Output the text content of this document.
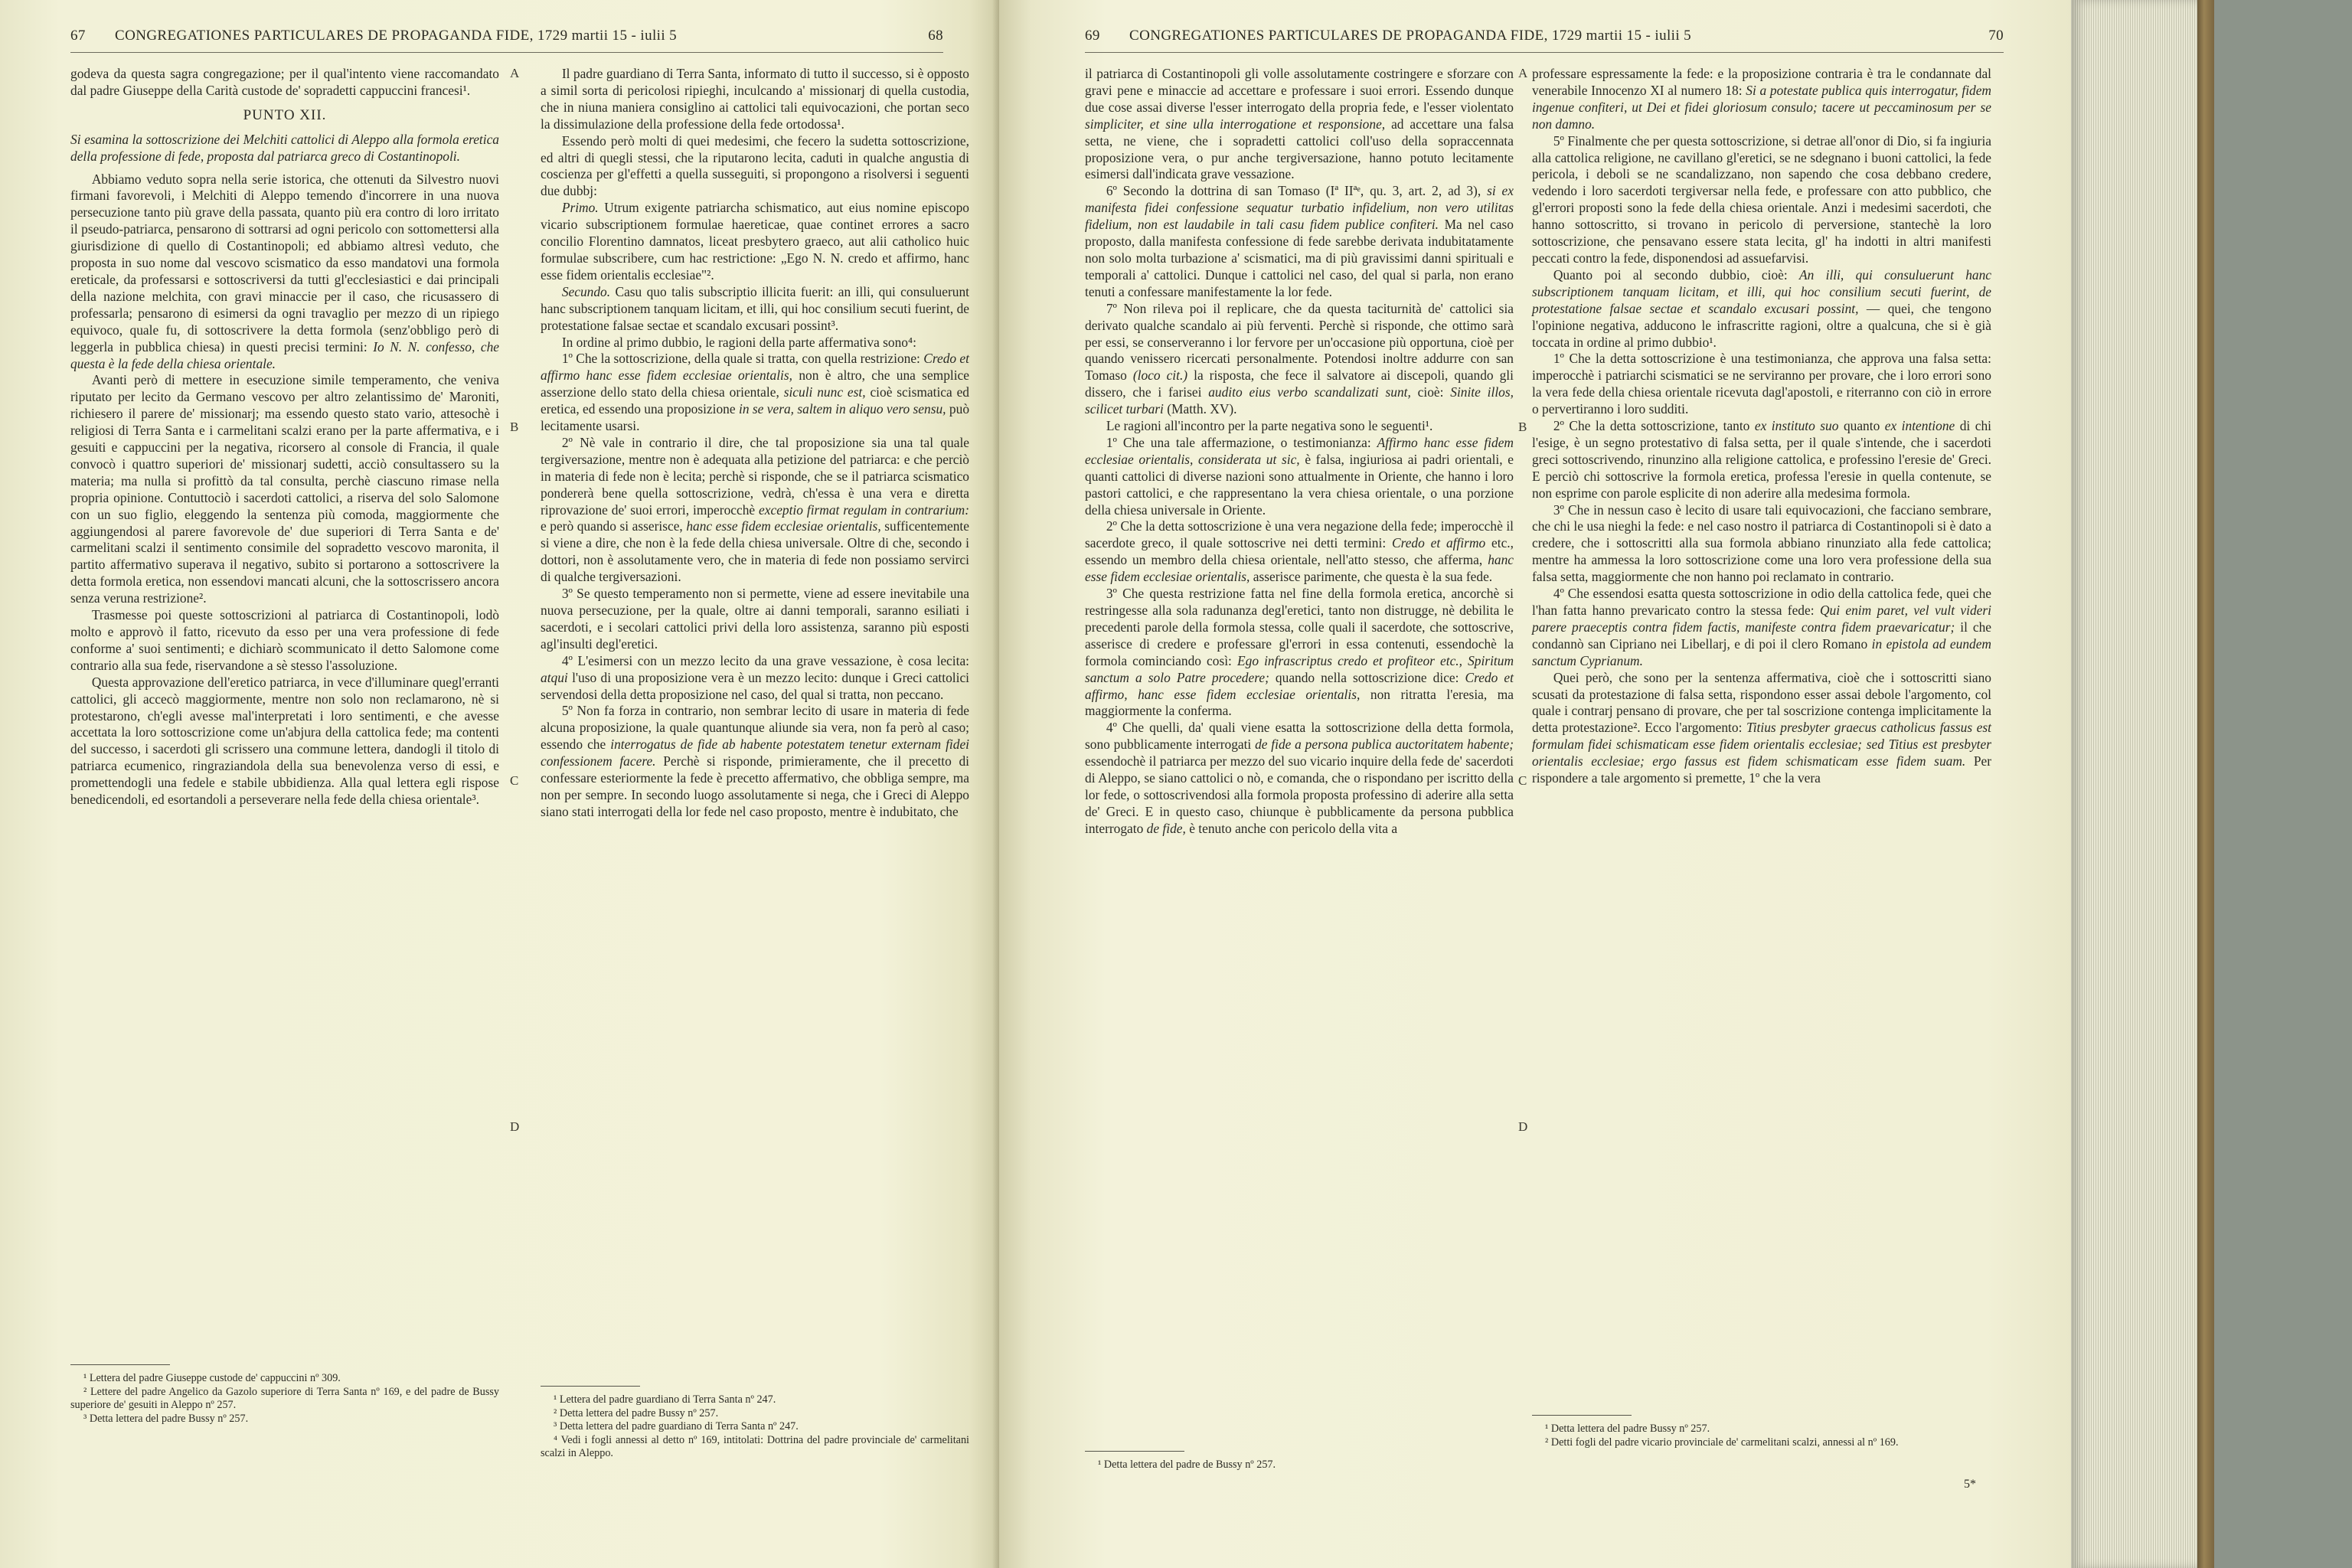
67 CONGREGATIONES PARTICULARES DE PROPAGANDA FIDE, 1729 martii 15 - iulii 5	68

godeva da questa sagra congregazione; per il qual'intento viene raccomandato dal padre Giuseppe della Carità custode de' sopradetti cappuccini francesi¹.

PUNTO XII.

Si esamina la sottoscrizione dei Melchiti cattolici di Aleppo alla formola eretica della professione di fede, proposta dal patriarca greco di Costantinopoli.

Abbiamo veduto sopra nella serie istorica, che ottenuti da Silvestro nuovi firmani favorevoli, i Melchiti di Aleppo temendo d'incorrere in una nuova persecuzione tanto più grave della passata, quanto più era contro di loro irritato il pseudo-patriarca, pensarono di sottrarsi ad ogni pericolo con sottomettersi alla giurisdizione di quello di Costantinopoli; ed abbiamo altresì veduto, che proposta in suo nome dal vescovo scismatico da esso mandatovi una formola ereticale, da professarsi e sottoscriversi da tutti gl'ecclesiastici e dai principali della nazione melchita, con gravi minaccie per il caso, che ricusassero di professarla; pensarono di esimersi da ogni travaglio per mezzo di un ripiego equivoco, quale fu, di sottoscrivere la detta formola (senz'obbligo però di leggerla in pubblica chiesa) in questi precisi termini: Io N. N. confesso, che questa è la fede della chiesa orientale.

Avanti però di mettere in esecuzione simile temperamento, che veniva riputato per lecito da Germano vescovo per altro zelantissimo de' Maroniti, richiesero il parere de' missionarj; ma essendo questo stato vario, attesochè i religiosi di Terra Santa e i carmelitani scalzi erano per la parte affermativa, e i gesuiti e cappuccini per la negativa, ricorsero al console di Francia, il quale convocò i quattro superiori de' missionarj sudetti, acciò consultassero su la materia; ma nulla si profittò da tal consulta, perchè ciascuno rimase nella propria opinione. Contuttociò i sacerdoti cattolici, a riserva del solo Salomone con un suo figlio, eleggendo la sentenza più comoda, maggiormente che aggiungendosi al parere favorevole de' due superiori di Terra Santa e de' carmelitani scalzi il sentimento consimile del sopradetto vescovo maronita, il partito affermativo superava il negativo, subito si portarono a sottoscrivere la detta formola eretica, non essendovi mancati alcuni, che la sottoscrissero ancora senza veruna restrizione².

Trasmesse poi queste sottoscrizioni al patriarca di Costantinopoli, lodò molto e approvò il fatto, ricevuto da esso per una vera professione di fede conforme a' suoi sentimenti; e dichiarò scommunicato il detto Salomone come contrario alla sua fede, riservandone a sè stesso l'assoluzione.

Questa approvazione dell'eretico patriarca, in vece d'illuminare quegl'erranti cattolici, gli accecò maggiormente, mentre non solo non reclamarono, nè si protestarono, ch'egli avesse mal'interpretati i loro sentimenti, e che avesse accettata la loro sottoscrizione come un'abjura della cattolica fede; ma contenti del successo, i sacerdoti gli scrissero una commune lettera, dandogli il titolo di patriarca ecumenico, ringraziandola della sua benevolenza verso di essi, e promettendogli una fedele e stabile ubbidienza. Alla qual lettera egli rispose benedicendoli, ed esortandoli a perseverare nella fede della chiesa orientale³.

¹ Lettera del padre Giuseppe custode de' cappuccini nº 309.

² Lettere del padre Angelico da Gazolo superiore di Terra Santa nº 169, e del padre de Bussy superiore de' gesuiti in Aleppo nº 257.

³ Detta lettera del padre Bussy nº 257.

Il padre guardiano di Terra Santa, informato di tutto il successo, si è opposto a simil sorta di pericolosi ripieghi, inculcando a' missionarj di quella custodia, che in niuna maniera consiglino ai cattolici tali equivocazioni, che portan seco la dissimulazione della professione della fede ortodossa¹.

Essendo però molti di quei medesimi, che fecero la sudetta sottoscrizione, ed altri di quegli stessi, che la riputarono lecita, caduti in qualche angustia di coscienza per gl'effetti a quella susseguiti, si propongono a risolversi i seguenti due dubbj:

Primo. Utrum exigente patriarcha schismatico, aut eius nomine episcopo vicario subscriptionem formulae haereticae, quae continet errores a sacro concilio Florentino damnatos, liceat presbytero graeco, aut alii catholico huic formulae subscribere, cum hac restrictione: „Ego N. N. credo et affirmo, hanc esse fidem orientalis ecclesiae"².

Secundo. Casu quo talis subscriptio illicita fuerit: an illi, qui consuluerunt hanc subscriptionem tanquam licitam, et illi, qui hoc consilium secuti fuerint, de protestatione falsae sectae et scandalo excusari possint³.

In ordine al primo dubbio, le ragioni della parte affermativa sono⁴:

1º Che la sottoscrizione, della quale si tratta, con quella restrizione: Credo et affirmo hanc esse fidem ecclesiae orientalis, non è altro, che una semplice asserzione dello stato della chiesa orientale, siculi nunc est, cioè scismatica ed eretica, ed essendo una proposizione in se vera, saltem in aliquo vero sensu, può lecitamente usarsi.

2º Nè vale in contrario il dire, che tal proposizione sia una tal quale tergiversazione, mentre non è adequata alla petizione del patriarca: e che perciò in materia di fede non è lecita; perchè si risponde, che se il patriarca scismatico pondererà bene quella sottoscrizione, vedrà, ch'essa è una vera e diretta riprovazione de' suoi errori, imperocchè exceptio firmat regulam in contrarium: e però quando si asserisce, hanc esse fidem ecclesiae orientalis, sufficentemente si viene a dire, che non è la fede della chiesa universale. Oltre di che, secondo i dottori, non è assolutamente vero, che in materia di fede non possiamo servirci di qualche tergiversazioni.

3º Se questo temperamento non si permette, viene ad essere inevitabile una nuova persecuzione, per la quale, oltre ai danni temporali, saranno esiliati i sacerdoti, e i secolari cattolici privi della loro assistenza, saranno più esposti agl'insulti degl'eretici.

4º L'esimersi con un mezzo lecito da una grave vessazione, è cosa lecita: atqui l'uso di una proposizione vera è un mezzo lecito: dunque i Greci cattolici servendosi della detta proposizione nel caso, del qual si tratta, non peccano.

5º Non fa forza in contrario, non sembrar lecito di usare in materia di fede alcuna proposizione, la quale quantunque aliunde sia vera, non fa però al caso; essendo che interrogatus de fide ab habente potestatem tenetur externam fidei confessionem facere. Perchè si risponde, primieramente, che il precetto di confessare esteriormente la fede è precetto affermativo, che obbliga sempre, ma non per sempre. In secondo luogo assolutamente si nega, che i Greci di Aleppo siano stati interrogati della lor fede nel caso proposto, mentre è indubitato, che

¹ Lettera del padre guardiano di Terra Santa nº 247.

² Detta lettera del padre Bussy nº 257.

³ Detta lettera del padre guardiano di Terra Santa nº 247.

⁴ Vedi i fogli annessi al detto nº 169, intitolati: Dottrina del padre provinciale de' carmelitani scalzi in Aleppo.

A
B
C
D
69 CONGREGATIONES PARTICULARES DE PROPAGANDA FIDE, 1729 martii 15 - iulii 5	70

il patriarca di Costantinopoli gli volle assolutamente costringere e sforzare con gravi pene e minaccie ad accettare e professare i suoi errori. Essendo dunque due cose assai diverse l'esser interrogato della propria fede, e l'esser violentato simpliciter, et sine ulla interrogatione et responsione, ad accettare una falsa setta, ne viene, che i sopradetti cattolici coll'uso della sopraccennata proposizione vera, o pur anche tergiversazione, hanno potuto lecitamente esimersi dall'indicata grave vessazione.

6º Secondo la dottrina di san Tomaso (Iª IIªᵉ, qu. 3, art. 2, ad 3), si ex manifesta fidei confessione sequatur turbatio infidelium, non vero utilitas fidelium, non est laudabile in tali casu fidem publice confiteri. Ma nel caso proposto, dalla manifesta confessione di fede sarebbe derivata indubitatamente non solo molta turbazione a' scismatici, ma di più gravissimi danni spirituali e temporali a' cattolici. Dunque i cattolici nel caso, del qual si parla, non erano tenuti a confessare manifestamente la lor fede.

7º Non rileva poi il replicare, che da questa taciturnità de' cattolici sia derivato qualche scandalo ai più ferventi. Perchè si risponde, che ottimo sarà per essi, se conserveranno i lor fervore per un'occasione più opportuna, cioè per quando venissero ricercati personalmente. Potendosi inoltre addurre con san Tomaso (loco cit.) la risposta, che fece il salvatore ai discepoli, quando gli dissero, che i farisei audito eius verbo scandalizati sunt, cioè: Sinite illos, scilicet turbari (Matth. XV).

Le ragioni all'incontro per la parte negativa sono le seguenti¹.

1º Che una tale affermazione, o testimonianza: Affirmo hanc esse fidem ecclesiae orientalis, considerata ut sic, è falsa, ingiuriosa ai padri orientali, e quanti cattolici di diverse nazioni sono attualmente in Oriente, che hanno i loro pastori cattolici, e che rappresentano la vera chiesa orientale, o una porzione della chiesa universale in Oriente.

2º Che la detta sottoscrizione è una vera negazione della fede; imperocchè il sacerdote greco, il quale sottoscrive nei detti termini: Credo et affirmo etc., essendo un membro della chiesa orientale, nell'atto stesso, che afferma, hanc esse fidem ecclesiae orientalis, asserisce parimente, che questa è la sua fede.

3º Che questa restrizione fatta nel fine della formola eretica, ancorchè si restringesse alla sola radunanza degl'eretici, tanto non distrugge, nè debilita le precedenti parole della formola stessa, colle quali il sacerdote, che sottoscrive, asserisce di credere e professare gl'errori in essa contenuti, essendochè la formola cominciando così: Ego infrascriptus credo et profiteor etc., Spiritum sanctum a solo Patre procedere; quando nella sottoscrizione dice: Credo et affirmo, hanc esse fidem ecclesiae orientalis, non ritratta l'eresia, ma maggiormente la conferma.

4º Che quelli, da' quali viene esatta la sottoscrizione della detta formola, sono pubblicamente interrogati de fide a persona publica auctoritatem habente; essendochè il patriarca per mezzo del suo vicario inquire della fede de' sacerdoti di Aleppo, se siano cattolici o nò, e comanda, che o rispondano per iscritto della lor fede, o sottoscrivendosi alla formola proposta professino di aderire alla setta de' Greci. E in questo caso, chiunque è pubblicamente da persona pubblica interrogato de fide, è tenuto anche con pericolo della vita a

¹ Detta lettera del padre de Bussy nº 257.

professare espressamente la fede: e la proposizione contraria è tra le condannate dal venerabile Innocenzo XI al numero 18: Si a potestate publica quis interrogatur, fidem ingenue confiteri, ut Dei et fidei gloriosum consulo; tacere ut peccaminosum per se non damno.

5º Finalmente che per questa sottoscrizione, si detrae all'onor di Dio, si fa ingiuria alla cattolica religione, ne cavillano gl'eretici, se ne sdegnano i buoni cattolici, la fede pericola, i deboli se ne scandalizzano, non sapendo che cosa debbano credere, vedendo i loro sacerdoti tergiversar nella fede, e professare con atto pubblico, che gl'errori proposti sono la fede della chiesa orientale. Anzi i medesimi sacerdoti, che hanno sottoscritto, si trovano in pericolo di perversione, stantechè la loro sottoscrizione, che pensavano essere stata lecita, gl' ha indotti in altri manifesti peccati contro la fede, disponendosi ad assuefarvisi.

Quanto poi al secondo dubbio, cioè: An illi, qui consuluerunt hanc subscriptionem tanquam licitam, et illi, qui hoc consilium secuti fuerint, de protestatione falsae sectae et scandalo excusari possint, — quei, che tengono l'opinione negativa, adducono le infrascritte ragioni, oltre a qualcuna, che si è già toccata in ordine al primo dubbio¹.

1º Che la detta sottoscrizione è una testimonianza, che approva una falsa setta: imperocchè i patriarchi scismatici se ne serviranno per provare, che i loro errori sono la vera fede della chiesa orientale ricevuta dagl'apostoli, e riterranno con ciò in errore o pervertiranno i loro sudditi.

2º Che la detta sottoscrizione, tanto ex instituto suo quanto ex intentione di chi l'esige, è un segno protestativo di falsa setta, per il quale s'intende, che i sacerdoti greci sottoscrivendo, rinunzino alla religione cattolica, e professino l'eresie de' Greci. E perciò chi sottoscrive la formola eretica, professa l'eresie in quella contenute, se non esprime con parole esplicite di non aderire alla medesima formola.

3º Che in nessun caso è lecito di usare tali equivocazioni, che facciano sembrare, che chi le usa nieghi la fede: e nel caso nostro il patriarca di Costantinopoli si è dato a credere, che i sottoscritti alla sua formola abbiano rinunziato alla fede cattolica; mentre ha ammessa la loro sottoscrizione come una loro vera professione della sua falsa setta, maggiormente che non hanno poi reclamato in contrario.

4º Che essendosi esatta questa sottoscrizione in odio della cattolica fede, quei che l'han fatta hanno prevaricato contro la stessa fede: Qui enim paret, vel vult videri parere praeceptis contra fidem factis, manifeste contra fidem praevaricatur; il che condannò san Cipriano nei Libellarj, e di poi il clero Romano in epistola ad eundem sanctum Cyprianum.

Quei però, che sono per la sentenza affermativa, cioè che i sottoscritti siano scusati da protestazione di falsa setta, rispondono esser assai debole l'argomento, col quale i contrarj pensano di provare, che per tal soscrizione contenga implicitamente la detta protestazione². Ecco l'argomento: Titius presbyter graecus catholicus fassus est formulam fidei schismaticam esse fidem orientalis ecclesiae; sed Titius est presbyter orientalis ecclesiae; ergo fassus est fidem schismaticam esse fidem suam. Per rispondere a tale argomento si premette, 1º che la vera

¹ Detta lettera del padre Bussy nº 257.

² Detti fogli del padre vicario provinciale de' carmelitani scalzi, annessi al nº 169.

5*
A
B
C
D
